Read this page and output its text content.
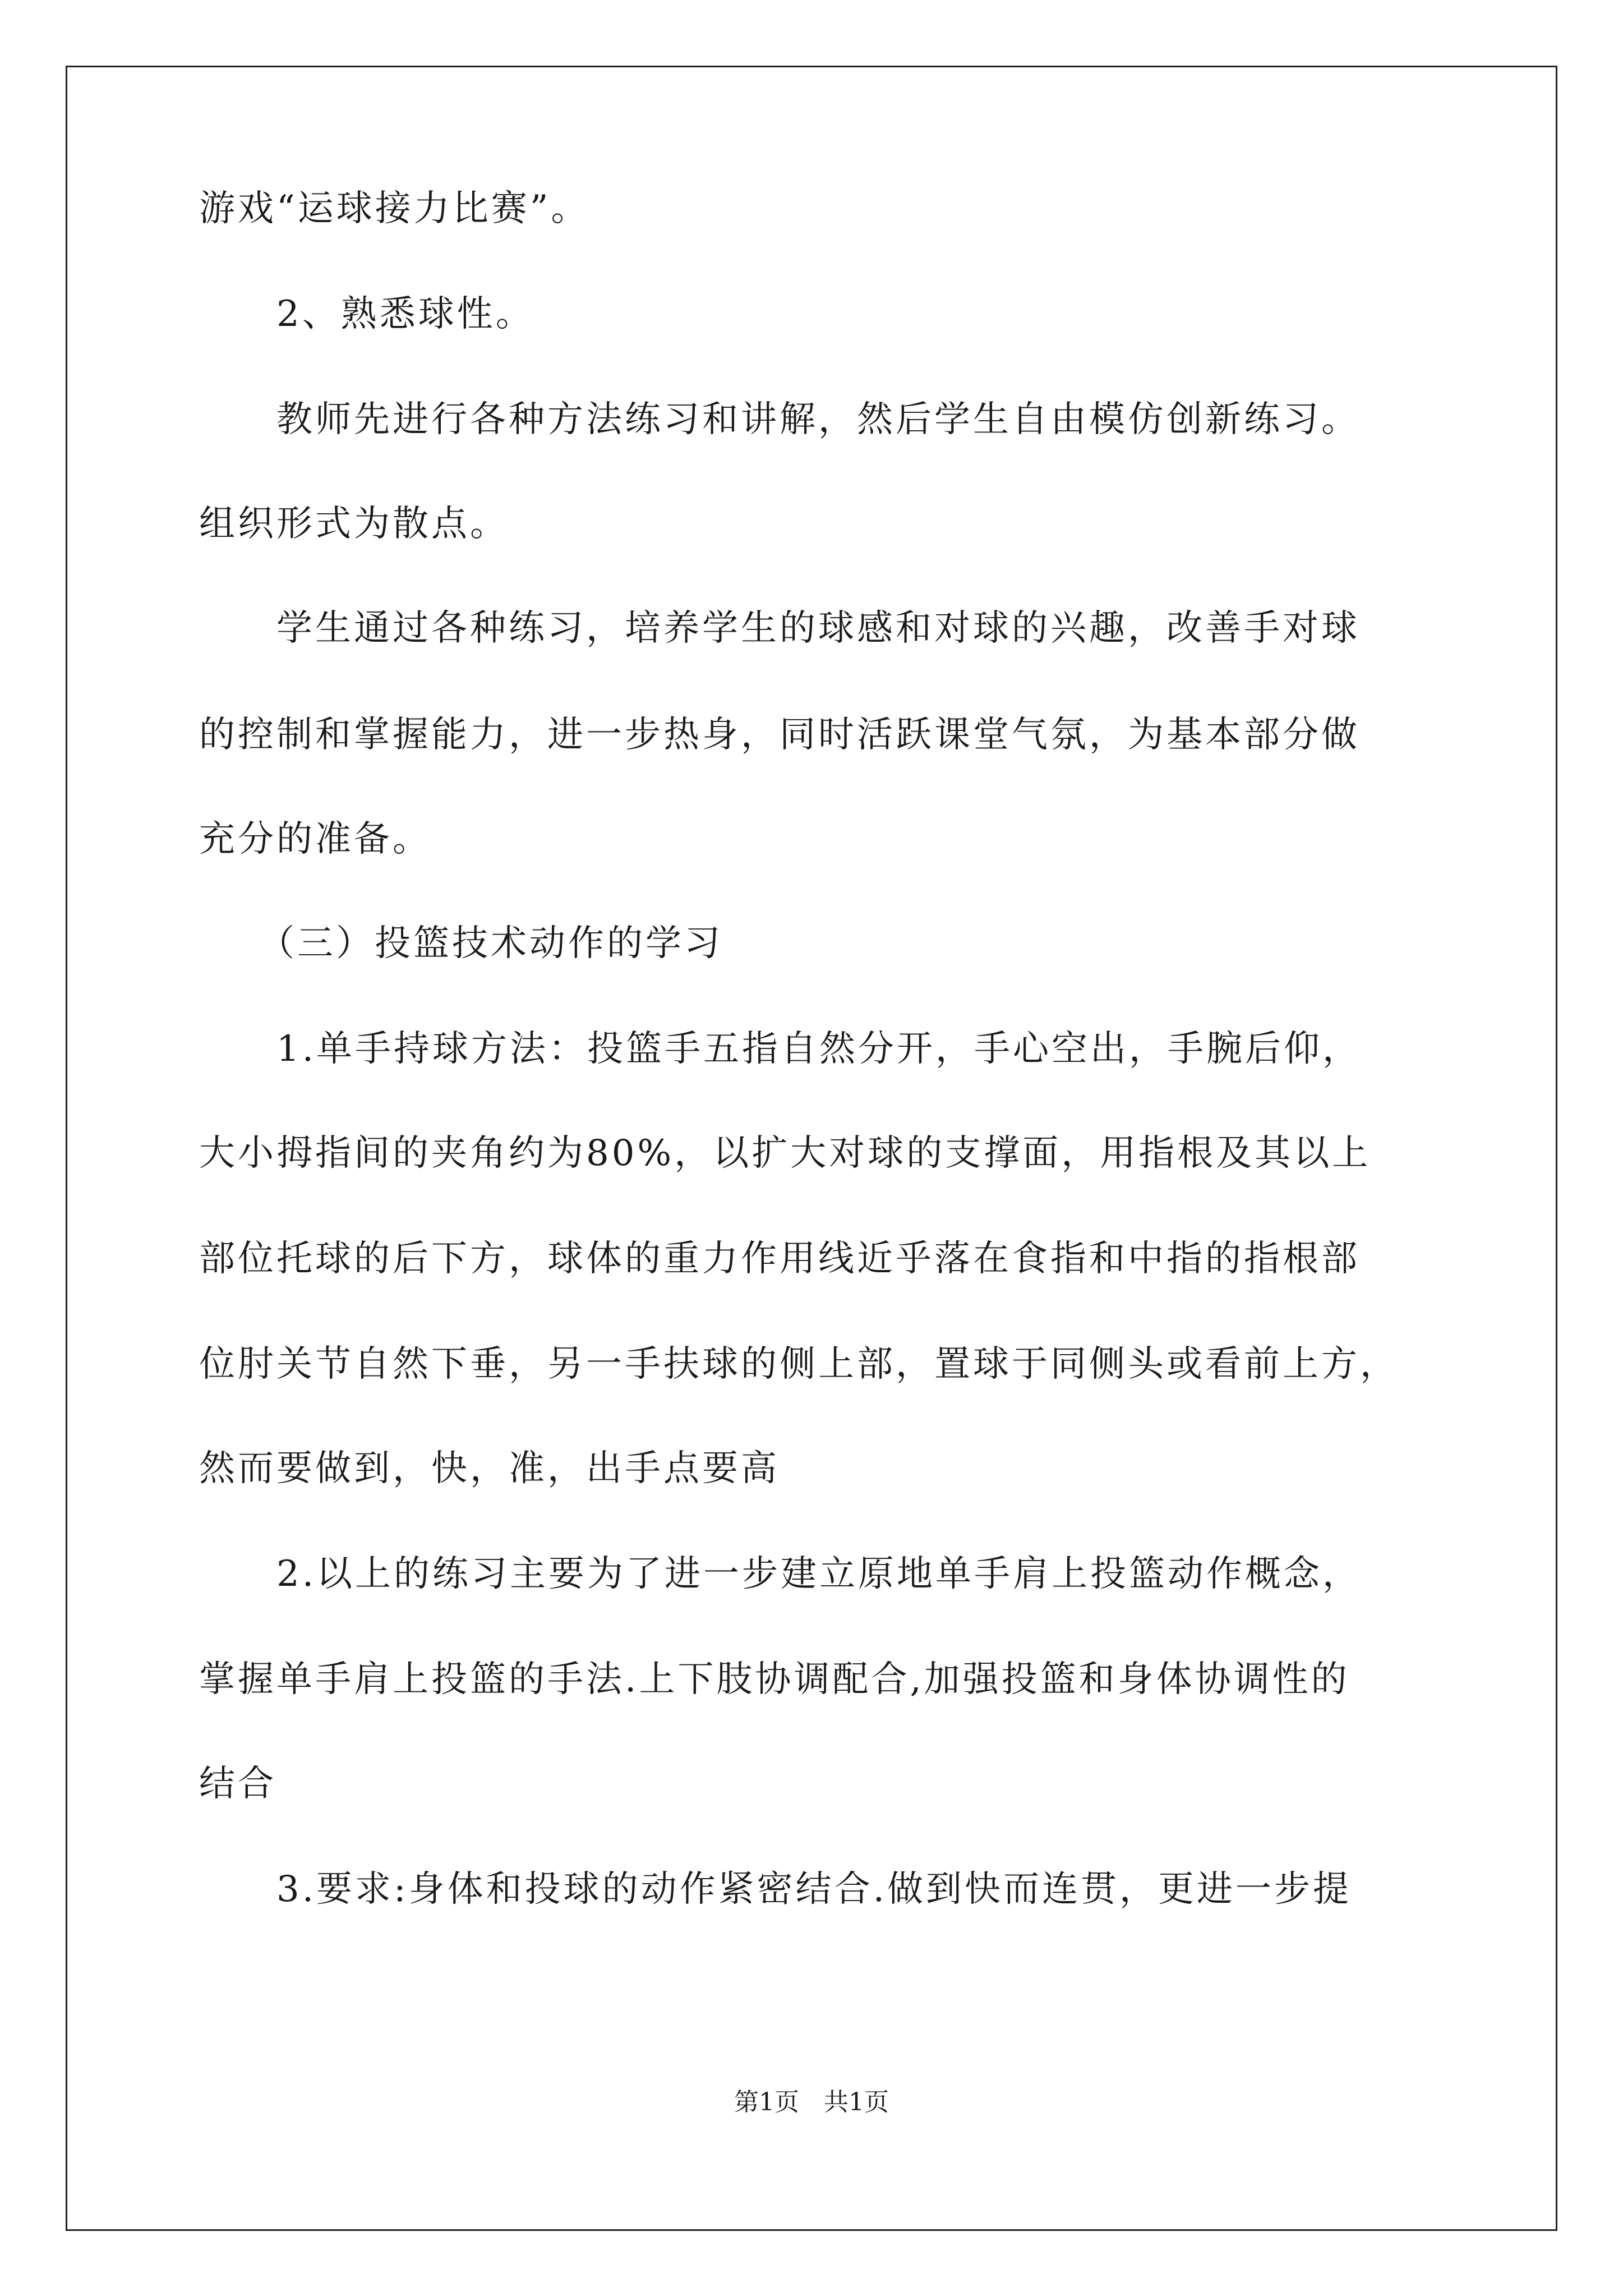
游戏“运球接力比赛”。
　　2、熟悉球性。
　　教师先进行各种方法练习和讲解，然后学生自由模仿创新练习。
组织形式为散点。
　　学生通过各种练习，培养学生的球感和对球的兴趣，改善手对球
的控制和掌握能力，进一步热身，同时活跃课堂气氛，为基本部分做
充分的准备。
　　（三）投篮技术动作的学习
　　1.单手持球方法：投篮手五指自然分开，手心空出，手腕后仰，
大小拇指间的夹角约为80%，以扩大对球的支撑面，用指根及其以上
部位托球的后下方，球体的重力作用线近乎落在食指和中指的指根部
位肘关节自然下垂，另一手扶球的侧上部，置球于同侧头或看前上方，
然而要做到，快，准，出手点要高
　　2.以上的练习主要为了进一步建立原地单手肩上投篮动作概念，
掌握单手肩上投篮的手法.上下肢协调配合,加强投篮和身体协调性的
结合
　　3.要求:身体和投球的动作紧密结合.做到快而连贯，更进一步提
第1页　共1页
